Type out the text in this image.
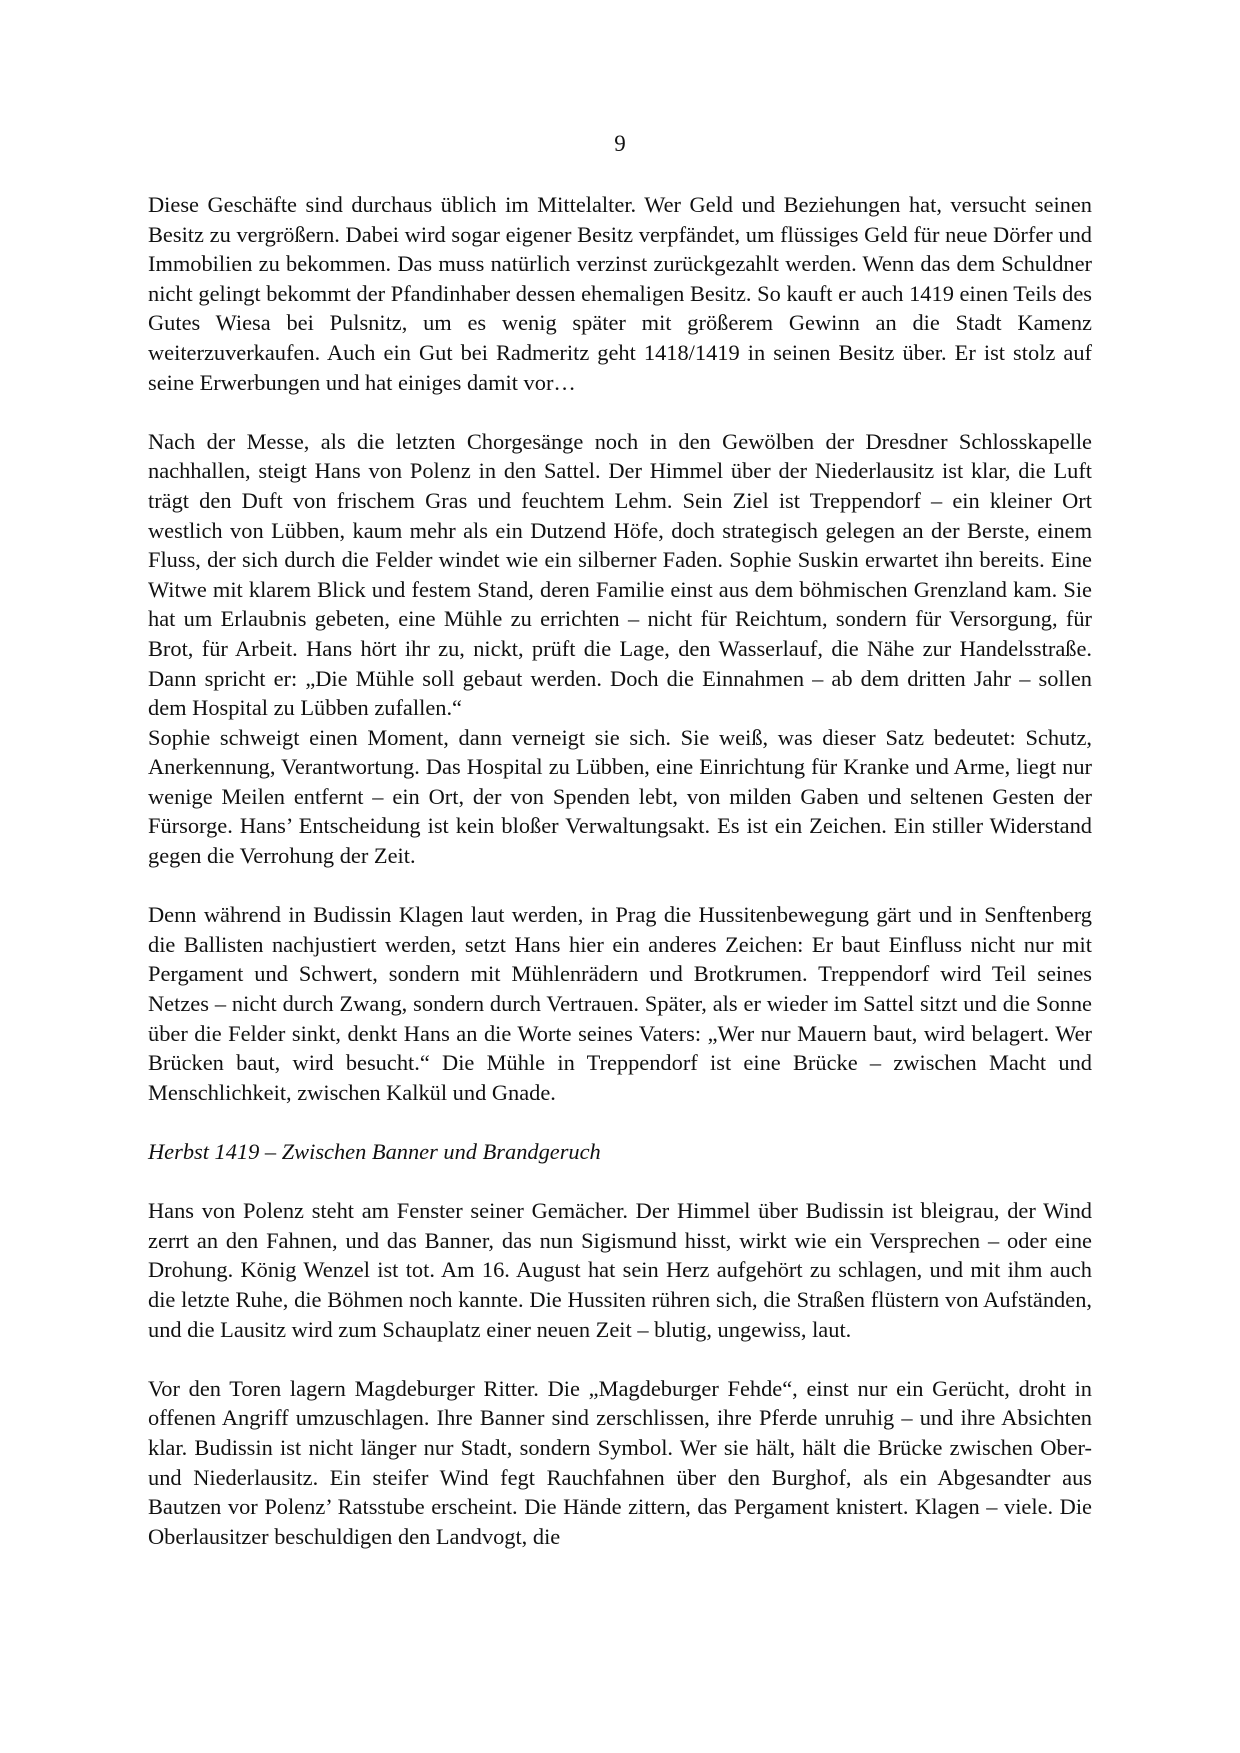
9

Diese Geschäfte sind durchaus üblich im Mittelalter. Wer Geld und Beziehungen hat, versucht seinen Besitz zu vergrößern. Dabei wird sogar eigener Besitz verpfändet, um flüssiges Geld für neue Dörfer und Immobilien zu bekommen. Das muss natürlich verzinst zurückgezahlt werden. Wenn das dem Schuldner nicht gelingt bekommt der Pfandinhaber dessen ehemaligen Besitz. So kauft er auch 1419 einen Teils des Gutes Wiesa bei Pulsnitz, um es wenig später mit größerem Gewinn an die Stadt Kamenz weiterzuverkaufen. Auch ein Gut bei Radmeritz geht 1418/1419 in seinen Besitz über. Er ist stolz auf seine Erwerbungen und hat einiges damit vor…

Nach der Messe, als die letzten Chorgesänge noch in den Gewölben der Dresdner Schlosskapelle nachhallen, steigt Hans von Polenz in den Sattel. Der Himmel über der Niederlausitz ist klar, die Luft trägt den Duft von frischem Gras und feuchtem Lehm. Sein Ziel ist Treppendorf – ein kleiner Ort westlich von Lübben, kaum mehr als ein Dutzend Höfe, doch strategisch gelegen an der Berste, einem Fluss, der sich durch die Felder windet wie ein silberner Faden. Sophie Suskin erwartet ihn bereits. Eine Witwe mit klarem Blick und festem Stand, deren Familie einst aus dem böhmischen Grenzland kam. Sie hat um Erlaubnis gebeten, eine Mühle zu errichten – nicht für Reichtum, sondern für Versorgung, für Brot, für Arbeit. Hans hört ihr zu, nickt, prüft die Lage, den Wasserlauf, die Nähe zur Handelsstraße. Dann spricht er: „Die Mühle soll gebaut werden. Doch die Einnahmen – ab dem dritten Jahr – sollen dem Hospital zu Lübben zufallen.“

Sophie schweigt einen Moment, dann verneigt sie sich. Sie weiß, was dieser Satz bedeutet: Schutz, Anerkennung, Verantwortung. Das Hospital zu Lübben, eine Einrichtung für Kranke und Arme, liegt nur wenige Meilen entfernt – ein Ort, der von Spenden lebt, von milden Gaben und seltenen Gesten der Fürsorge. Hans’ Entscheidung ist kein bloßer Verwaltungsakt. Es ist ein Zeichen. Ein stiller Widerstand gegen die Verrohung der Zeit.

Denn während in Budissin Klagen laut werden, in Prag die Hussitenbewegung gärt und in Senftenberg die Ballisten nachjustiert werden, setzt Hans hier ein anderes Zeichen: Er baut Einfluss nicht nur mit Pergament und Schwert, sondern mit Mühlenrädern und Brotkrumen. Treppendorf wird Teil seines Netzes – nicht durch Zwang, sondern durch Vertrauen. Später, als er wieder im Sattel sitzt und die Sonne über die Felder sinkt, denkt Hans an die Worte seines Vaters: „Wer nur Mauern baut, wird belagert. Wer Brücken baut, wird besucht.“ Die Mühle in Treppendorf ist eine Brücke – zwischen Macht und Menschlichkeit, zwischen Kalkül und Gnade.

Herbst 1419 – Zwischen Banner und Brandgeruch

Hans von Polenz steht am Fenster seiner Gemächer. Der Himmel über Budissin ist bleigrau, der Wind zerrt an den Fahnen, und das Banner, das nun Sigismund hisst, wirkt wie ein Versprechen – oder eine Drohung. König Wenzel ist tot. Am 16. August hat sein Herz aufgehört zu schlagen, und mit ihm auch die letzte Ruhe, die Böhmen noch kannte. Die Hussiten rühren sich, die Straßen flüstern von Aufständen, und die Lausitz wird zum Schauplatz einer neuen Zeit – blutig, ungewiss, laut.

Vor den Toren lagern Magdeburger Ritter. Die „Magdeburger Fehde“, einst nur ein Gerücht, droht in offenen Angriff umzuschlagen. Ihre Banner sind zerschlissen, ihre Pferde unruhig – und ihre Absichten klar. Budissin ist nicht länger nur Stadt, sondern Symbol. Wer sie hält, hält die Brücke zwischen Ober- und Niederlausitz. Ein steifer Wind fegt Rauchfahnen über den Burghof, als ein Abgesandter aus Bautzen vor Polenz’ Ratsstube erscheint. Die Hände zittern, das Pergament knistert. Klagen – viele. Die Oberlausitzer beschuldigen den Landvogt, die
